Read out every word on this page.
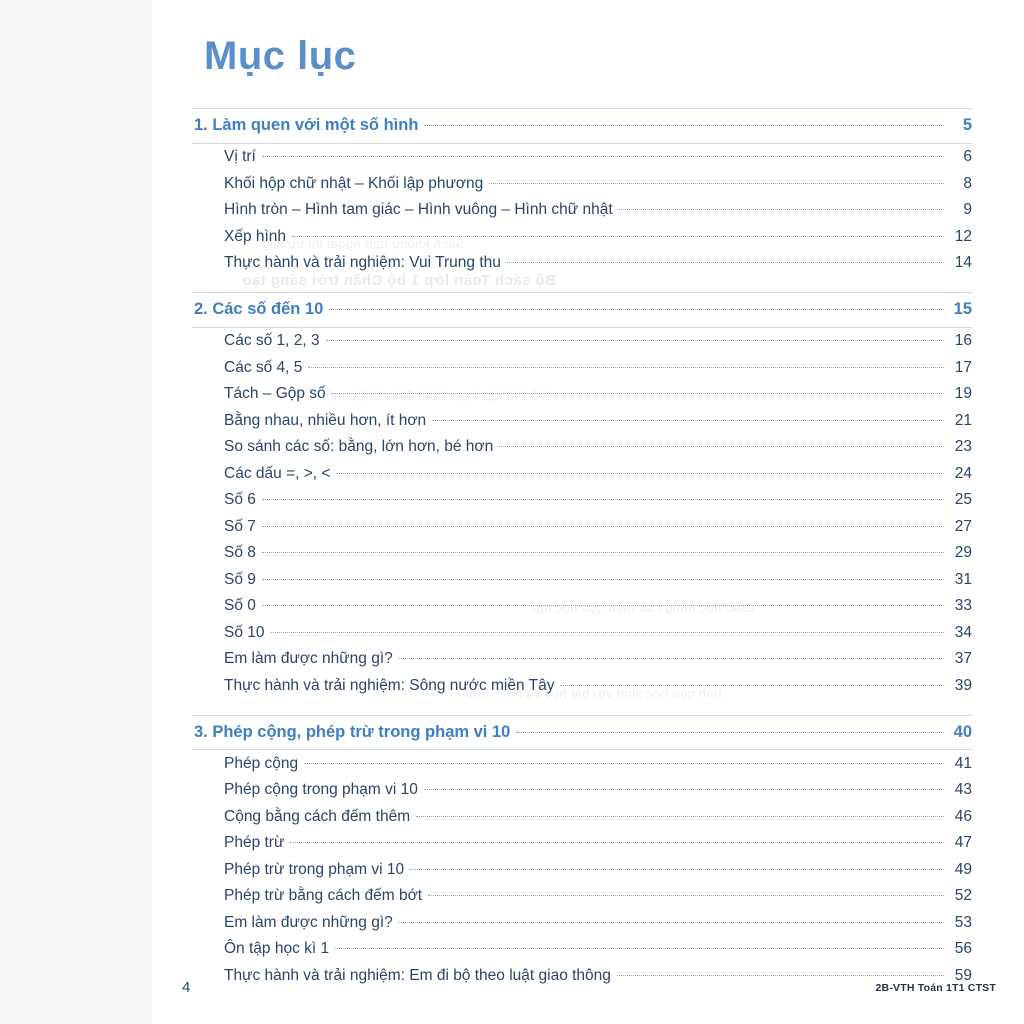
Sách không bán ngoài thị trường
Bộ sách Toán lớp 1 bộ Chân trời sáng tạo
Vở bài tập thực hành Toán 1 tập một
Giáo dục nâng cao hiệu quả học tập
tính của học sinh với bài học và môn Toán
Mục lục
1. Làm quen với một số hình	5
Vị trí	6
Khối hộp chữ nhật – Khối lập phương	8
Hình tròn – Hình tam giác – Hình vuông – Hình chữ nhật	9
Xếp hình	12
Thực hành và trải nghiệm: Vui Trung thu	14
2. Các số đến 10	15
Các số 1, 2, 3	16
Các số 4, 5	17
Tách – Gộp số	19
Bằng nhau, nhiều hơn, ít hơn	21
So sánh các số: bằng, lớn hơn, bé hơn	23
Các dấu =, >, <	24
Số 6	25
Số 7	27
Số 8	29
Số 9	31
Số 0	33
Số 10	34
Em làm được những gì?	37
Thực hành và trải nghiệm: Sông nước miền Tây	39
3. Phép cộng, phép trừ trong phạm vi 10	40
Phép cộng	41
Phép cộng trong phạm vi 10	43
Cộng bằng cách đếm thêm	46
Phép trừ	47
Phép trừ trong phạm vi 10	49
Phép trừ bằng cách đếm bớt	52
Em làm được những gì?	53
Ôn tập học kì 1	56
Thực hành và trải nghiệm: Em đi bộ theo luật giao thông	59
4	2B-VTH Toán 1T1 CTST
